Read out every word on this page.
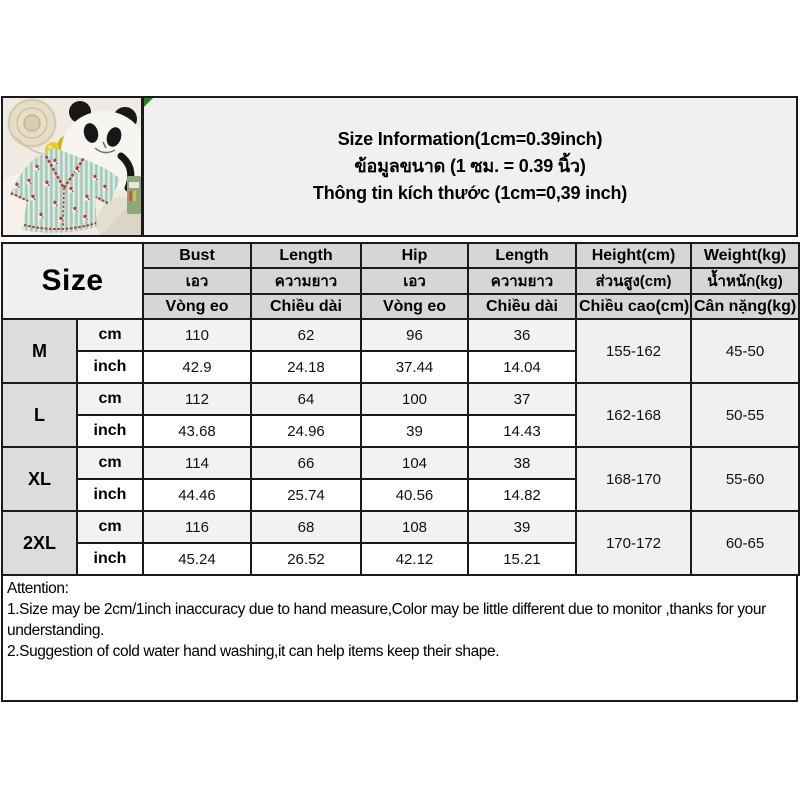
Size Information(1cm=0.39inch)
ข้อมูลขนาด (1 ซม. = 0.39 นิ้ว)
Thông tin kích thước (1cm=0,39 inch)
Size		Bust	Length	Hip	Length	Height(cm)	Weight(kg)
		เอว	ความยาว	เอว	ความยาว	ส่วนสูง(cm)	น้ำหนัก(kg)
		Vòng eo	Chiều dài	Vòng eo	Chiều dài	Chiều cao(cm)	Cân nặng(kg)
M	cm	110	62	96	36	155-162	45-50
	inch	42.9	24.18	37.44	14.04		
L	cm	112	64	100	37	162-168	50-55
	inch	43.68	24.96	39	14.43		
XL	cm	114	66	104	38	168-170	55-60
	inch	44.46	25.74	40.56	14.82		
2XL	cm	116	68	108	39	170-172	60-65
	inch	45.24	26.52	42.12	15.21		
Attention:
1.Size may be 2cm/1inch inaccuracy due to hand measure,Color may be little different due to monitor ,thanks for your understanding.
2.Suggestion of cold water hand washing,it can help items keep their shape.
